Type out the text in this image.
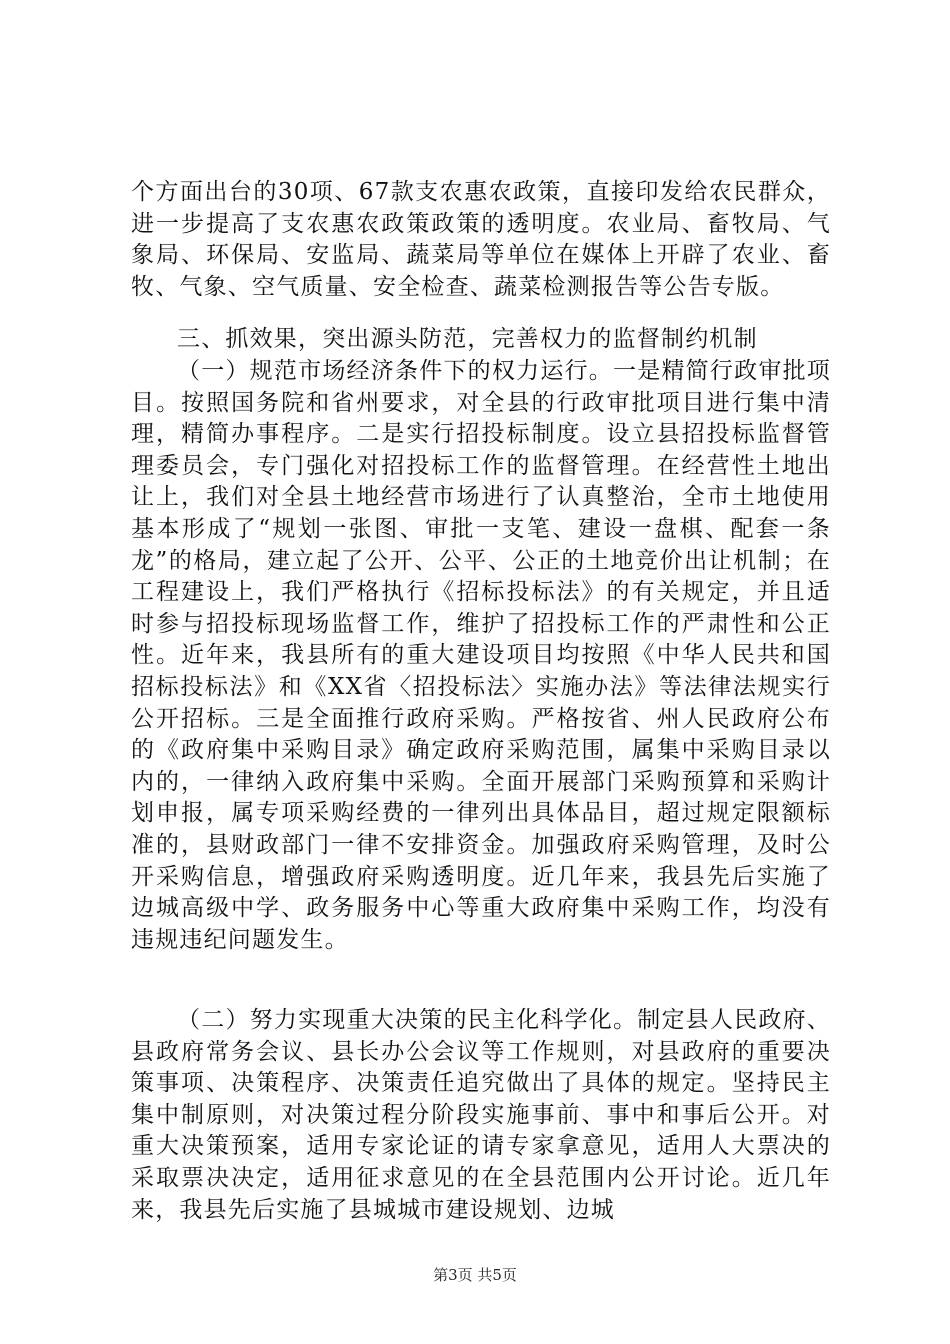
个方面出台的30项、67款支农惠农政策，直接印发给农民群众，进一步提高了支农惠农政策政策的透明度。农业局、畜牧局、气象局、环保局、安监局、蔬菜局等单位在媒体上开辟了农业、畜牧、气象、空气质量、安全检查、蔬菜检测报告等公告专版。

三、抓效果，突出源头防范，完善权力的监督制约机制

（一）规范市场经济条件下的权力运行。一是精简行政审批项目。按照国务院和省州要求，对全县的行政审批项目进行集中清理，精简办事程序。二是实行招投标制度。设立县招投标监督管理委员会，专门强化对招投标工作的监督管理。在经营性土地出让上，我们对全县土地经营市场进行了认真整治，全市土地使用基本形成了“规划一张图、审批一支笔、建设一盘棋、配套一条龙”的格局，建立起了公开、公平、公正的土地竞价出让机制；在工程建设上，我们严格执行《招标投标法》的有关规定，并且适时参与招投标现场监督工作，维护了招投标工作的严肃性和公正性。近年来，我县所有的重大建设项目均按照《中华人民共和国招标投标法》和《XX省〈招投标法〉实施办法》等法律法规实行公开招标。三是全面推行政府采购。严格按省、州人民政府公布的《政府集中采购目录》确定政府采购范围，属集中采购目录以内的，一律纳入政府集中采购。全面开展部门采购预算和采购计划申报，属专项采购经费的一律列出具体品目，超过规定限额标准的，县财政部门一律不安排资金。加强政府采购管理，及时公开采购信息，增强政府采购透明度。近几年来，我县先后实施了边城高级中学、政务服务中心等重大政府集中采购工作，均没有违规违纪问题发生。

（二）努力实现重大决策的民主化科学化。制定县人民政府、县政府常务会议、县长办公会议等工作规则，对县政府的重要决策事项、决策程序、决策责任追究做出了具体的规定。坚持民主集中制原则，对决策过程分阶段实施事前、事中和事后公开。对重大决策预案，适用专家论证的请专家拿意见，适用人大票决的采取票决决定，适用征求意见的在全县范围内公开讨论。近几年来，我县先后实施了县城城市建设规划、边城

第3页 共5页
